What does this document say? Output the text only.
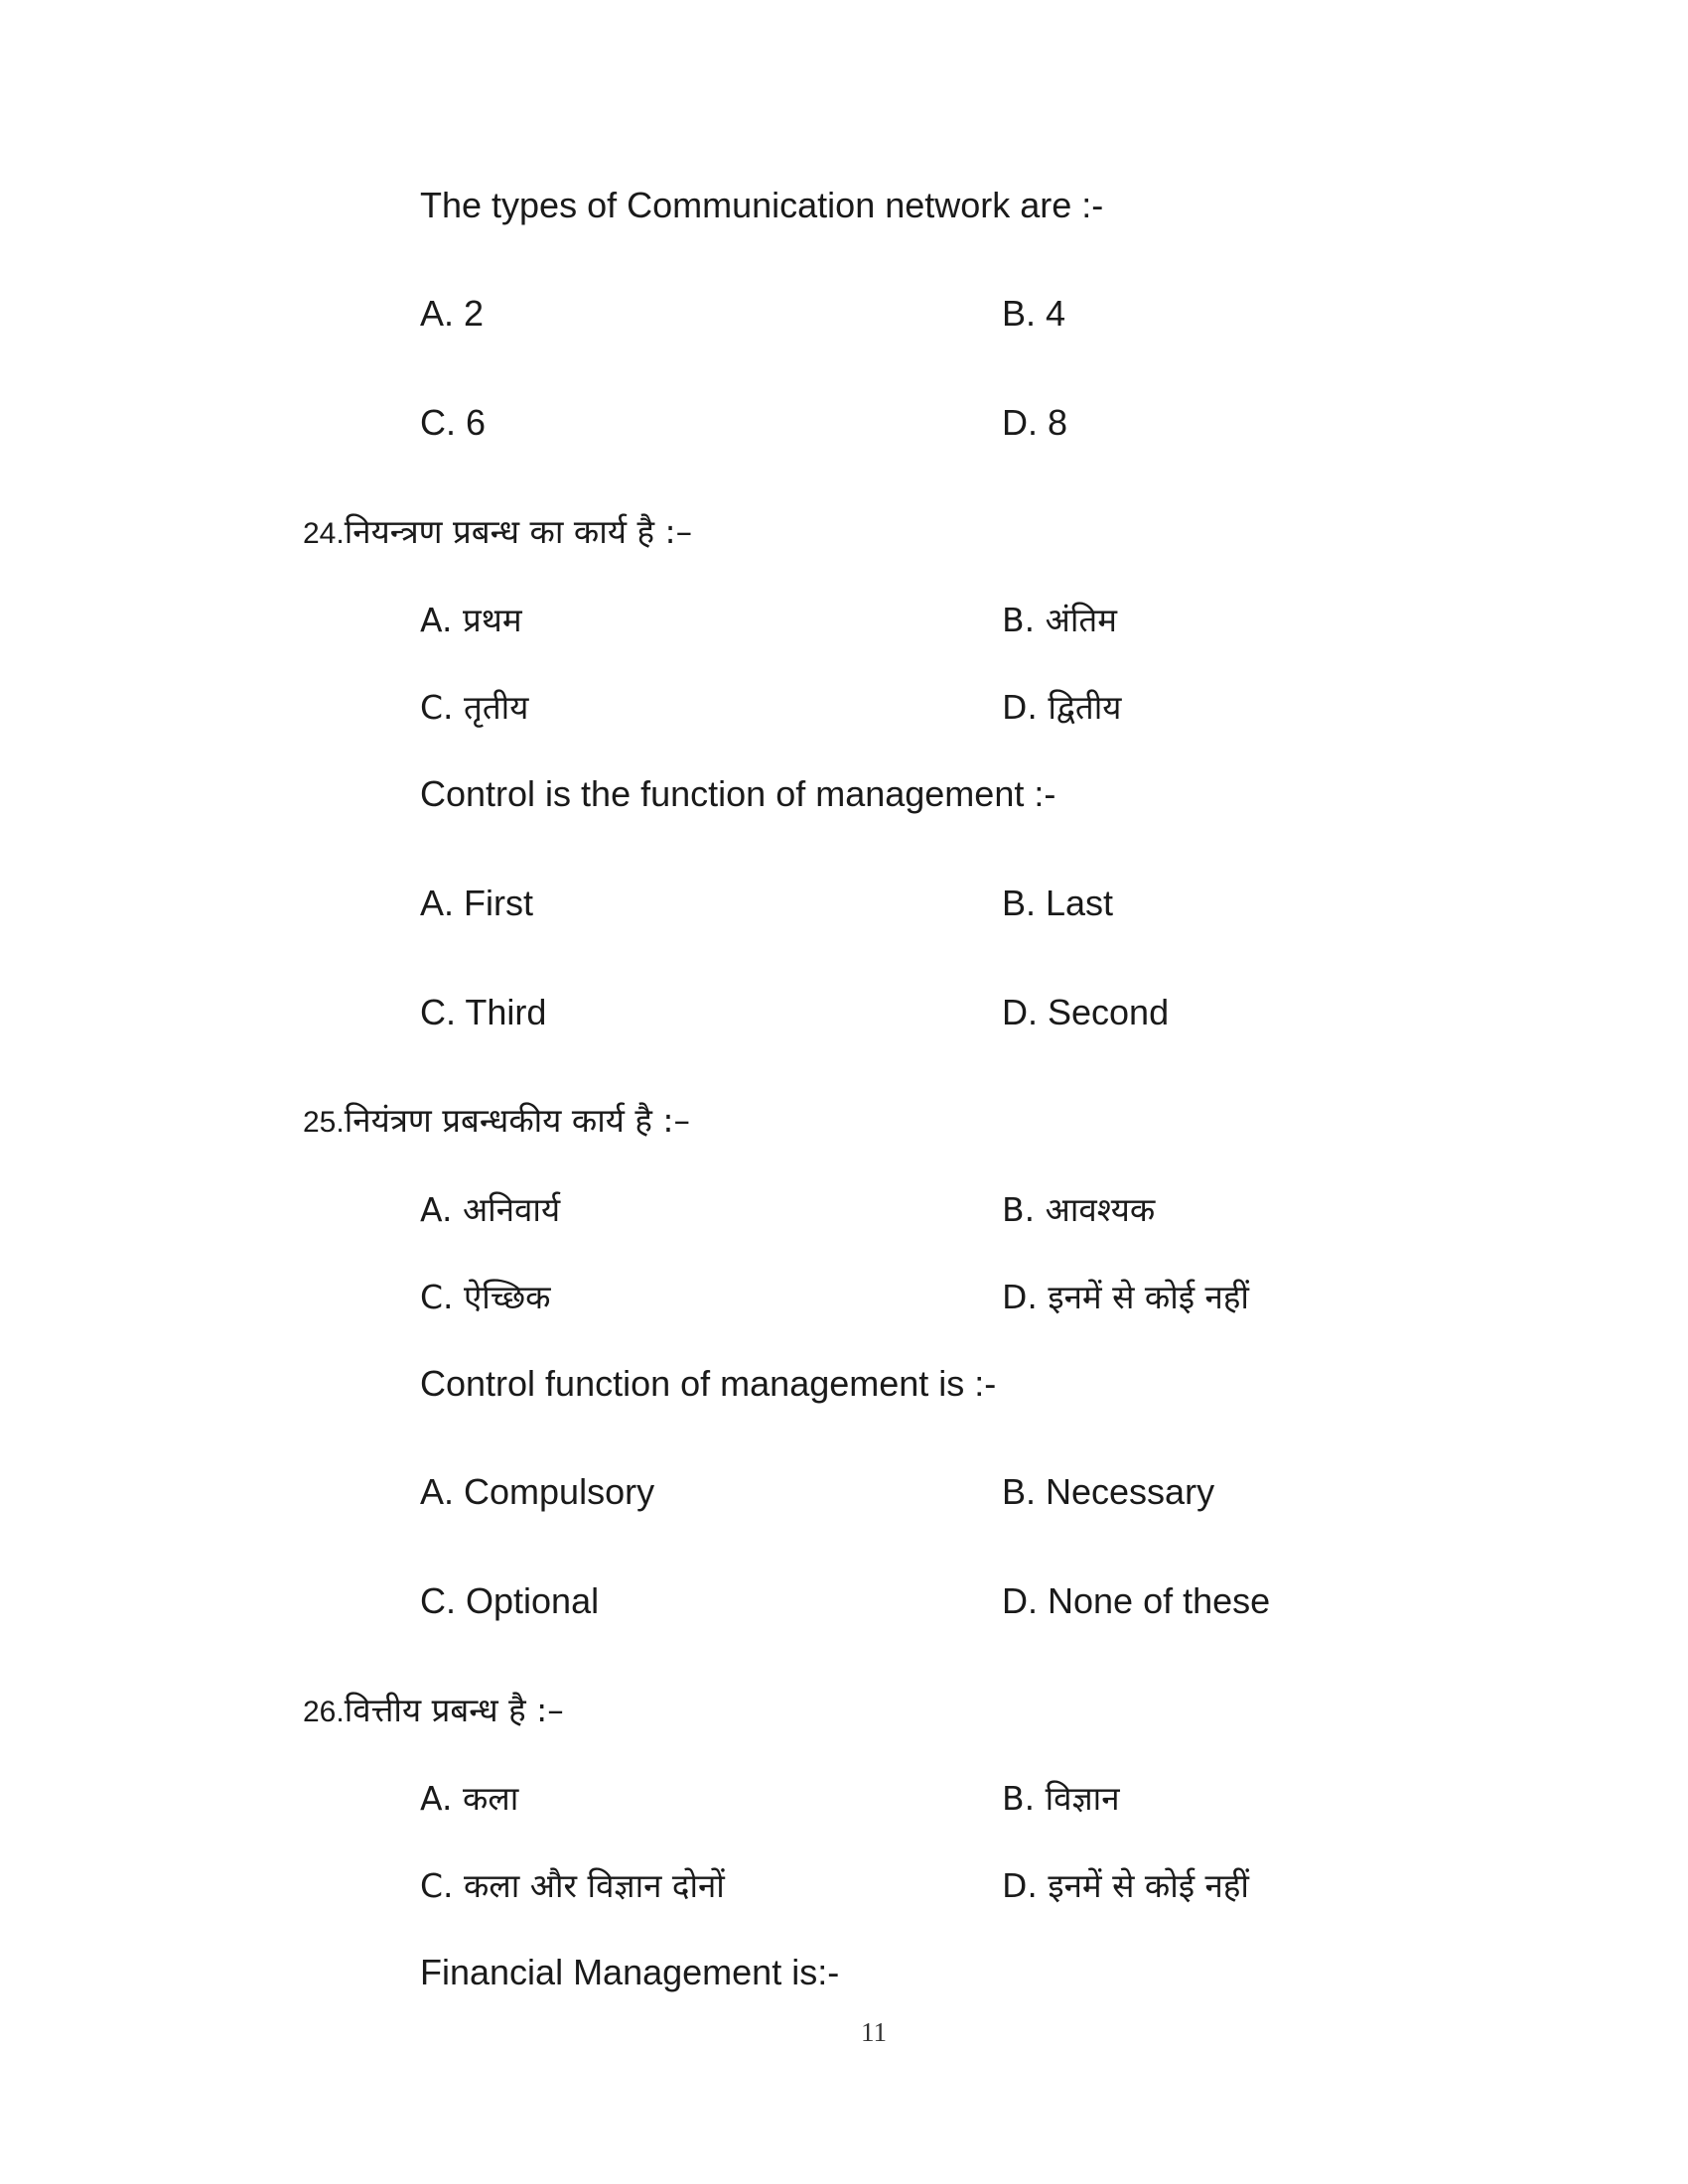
The types of Communication network are :-
A. 2	B. 4
C. 6	D. 8
24.नियन्त्रण प्रबन्ध का कार्य है :–
A. प्रथम	B. अंतिम
C. तृतीय	D. द्वितीय
Control is the function of management :-
A. First	B. Last
C. Third	D. Second
25.नियंत्रण प्रबन्धकीय कार्य है :–
A. अनिवार्य	B. आवश्यक
C. ऐच्छिक	D. इनमें से कोई नहीं
Control function of management is :-
A. Compulsory	B. Necessary
C. Optional	D. None of these
26.वित्तीय प्रबन्ध है :–
A. कला	B. विज्ञान
C. कला और विज्ञान दोनों	D. इनमें से कोई नहीं
Financial Management is:-
11
